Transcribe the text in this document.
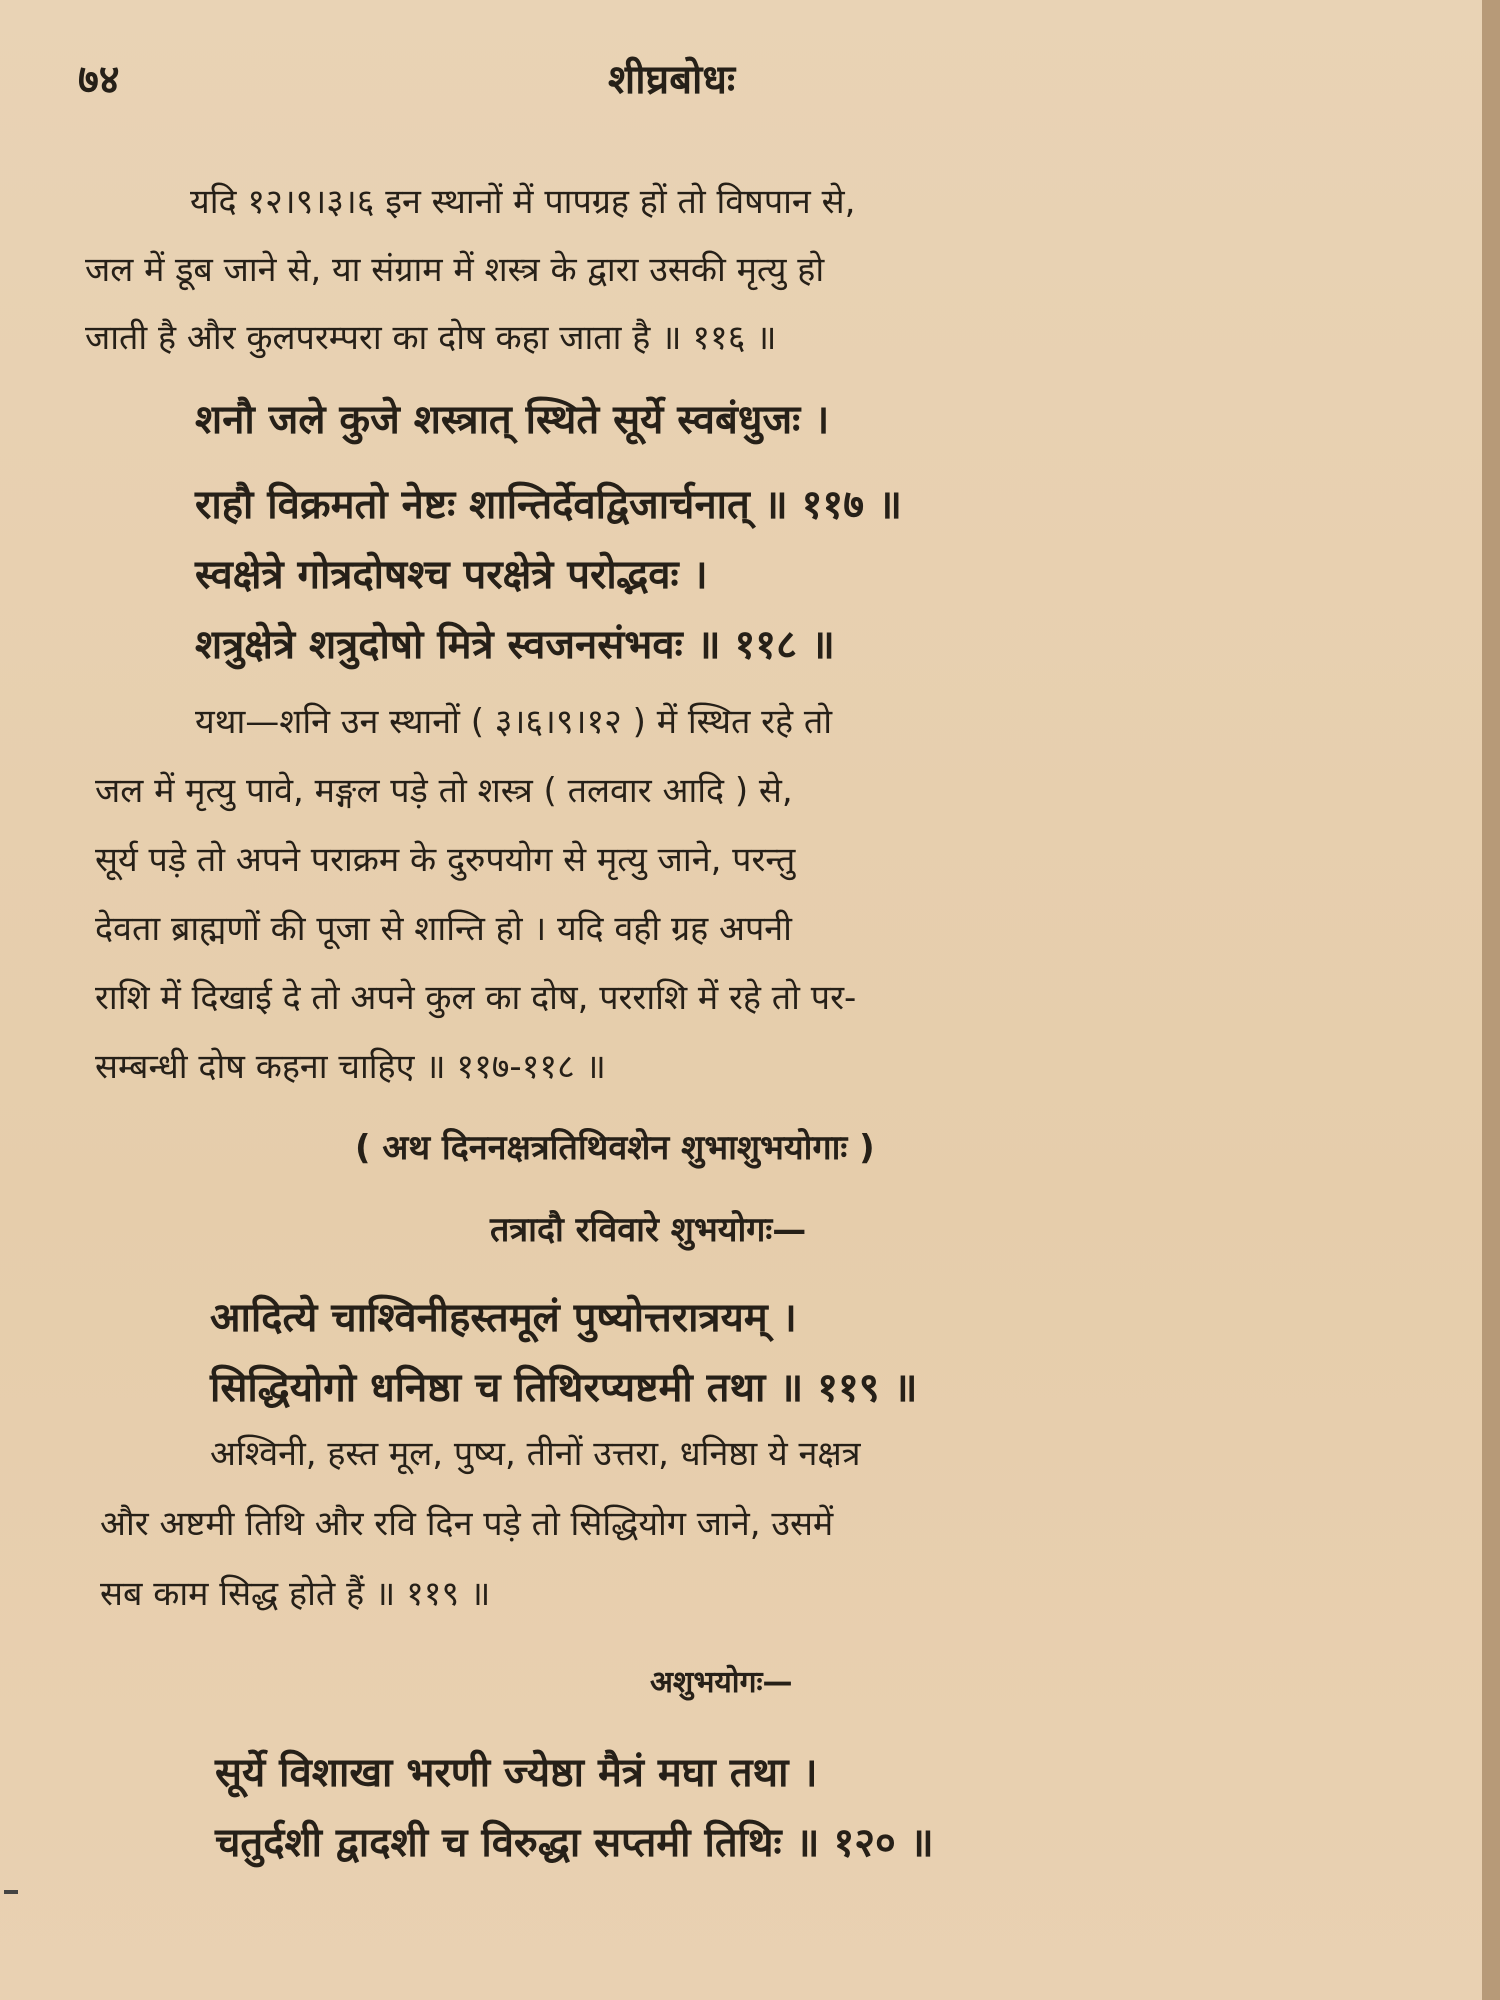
७४	शीघ्रबोधः
यदि १२।९।३।६ इन स्थानों में पापग्रह हों तो विषपान से,
जल में डूब जाने से, या संग्राम में शस्त्र के द्वारा उसकी मृत्यु हो
जाती है और कुलपरम्परा का दोष कहा जाता है ॥ ११६ ॥
शनौ जले कुजे शस्त्रात् स्थिते सूर्ये स्वबंधुजः ।
राहौ विक्रमतो नेष्टः शान्तिर्देवद्विजार्चनात् ॥ ११७ ॥
स्वक्षेत्रे गोत्रदोषश्च परक्षेत्रे परोद्भवः ।
शत्रुक्षेत्रे शत्रुदोषो मित्रे स्वजनसंभवः ॥ ११८ ॥
यथा—शनि उन स्थानों ( ३।६।९।१२ ) में स्थित रहे तो
जल में मृत्यु पावे, मङ्गल पड़े तो शस्त्र ( तलवार आदि ) से,
सूर्य पड़े तो अपने पराक्रम के दुरुपयोग से मृत्यु जाने, परन्तु
देवता ब्राह्मणों की पूजा से शान्ति हो । यदि वही ग्रह अपनी
राशि में दिखाई दे तो अपने कुल का दोष, परराशि में रहे तो पर-
सम्बन्धी दोष कहना चाहिए ॥ ११७-११८ ॥
( अथ दिननक्षत्रतिथिवशेन शुभाशुभयोगाः )
तत्रादौ रविवारे शुभयोगः—
आदित्ये चाश्विनीहस्तमूलं पुष्योत्तरात्रयम् ।
सिद्धियोगो धनिष्ठा च तिथिरप्यष्टमी तथा ॥ ११९ ॥
अश्विनी, हस्त मूल, पुष्य, तीनों उत्तरा, धनिष्ठा ये नक्षत्र
और अष्टमी तिथि और रवि दिन पड़े तो सिद्धियोग जाने, उसमें
सब काम सिद्ध होते हैं ॥ ११९ ॥
अशुभयोगः—
सूर्ये विशाखा भरणी ज्येष्ठा मैत्रं मघा तथा ।
चतुर्दशी द्वादशी च विरुद्धा सप्तमी तिथिः ॥ १२० ॥
